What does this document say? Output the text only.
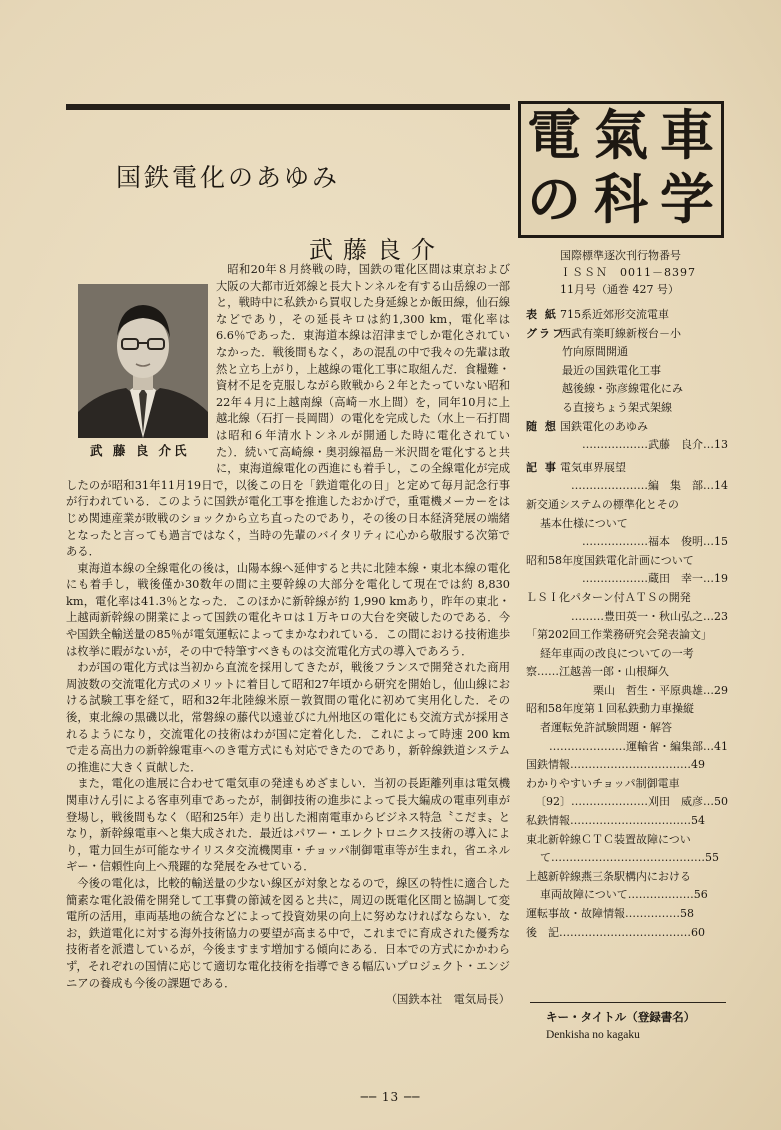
国鉄電化のあゆみ
武藤良介
武 藤 良 介氏

昭和20年８月終戦の時，国鉄の電化区間は東京および大阪の大都市近郊線と長大トンネルを有する山岳線の一部と，戦時中に私鉄から買収した身延線とか飯田線，仙石線などであり，その延長キロは約1,300 km，電化率は6.6％であった．東海道本線は沼津までしか電化されていなかった．戦後間もなく，あの混乱の中で我々の先輩は敢然と立ち上がり，上越線の電化工事に取組んだ．食糧難・資材不足を克服しながら敗戦から２年とたっていない昭和22年４月に上越南線（高崎－水上間）を，同年10月に上越北線（石打－長岡間）の電化を完成した（水上－石打間は昭和６年清水トンネルが開通した時に電化されていた）．続いて高崎線・奥羽線福島－米沢間を電化すると共に，東海道線電化の西進にも着手し，この全線電化が完成したのが昭和31年11月19日で，以後この日を「鉄道電化の日」と定めて毎月記念行事が行われている．このように国鉄が電化工事を推進したおかげで，重電機メーカーをはじめ関連産業が敗戦のショックから立ち直ったのであり，その後の日本経済発展の端緒となったと言っても過言ではなく，当時の先輩のバイタリティに心から敬服する次第である．

東海道本線の全線電化の後は，山陽本線へ延伸すると共に北陸本線・東北本線の電化にも着手し，戦後僅か30数年の間に主要幹線の大部分を電化して現在では約 8,830 km，電化率は41.3％となった．このほかに新幹線が約 1,990 kmあり，昨年の東北・上越両新幹線の開業によって国鉄の電化キロは１万キロの大台を突破したのである．今や国鉄全輸送量の85％が電気運転によってまかなわれている．この間における技術進歩は枚挙に暇がないが，その中で特筆すべきものは交流電化方式の導入であろう．

わが国の電化方式は当初から直流を採用してきたが，戦後フランスで開発された商用周波数の交流電化方式のメリットに着目して昭和27年頃から研究を開始し，仙山線における試験工事を経て，昭和32年北陸線米原－敦賀間の電化に初めて実用化した．その後，東北線の黒磯以北，常磐線の藤代以遠並びに九州地区の電化にも交流方式が採用されるようになり，交流電化の技術はわが国に定着化した．これによって時速 200 km で走る高出力の新幹線電車へのき電方式にも対応できたのであり，新幹線鉄道システムの推進に大きく貢献した．

また，電化の進展に合わせて電気車の発達もめざましい．当初の長距離列車は電気機関車けん引による客車列車であったが，制御技術の進歩によって長大編成の電車列車が登場し，戦後間もなく（昭和25年）走り出した湘南電車からビジネス特急〝こだま〟となり，新幹線電車へと集大成された．最近はパワー・エレクトロニクス技術の導入により，電力回生が可能なサイリスタ交流機関車・チョッパ制御電車等が生まれ，省エネルギー・信頼性向上へ飛躍的な発展をみせている．

今後の電化は，比較的輸送量の少ない線区が対象となるので，線区の特性に適合した簡素な電化設備を開発して工事費の節減を図ると共に，周辺の既電化区間と協調して変電所の活用，車両基地の統合などによって投資効果の向上に努めなければならない．なお，鉄道電化に対する海外技術協力の要望が高まる中で，これまでに育成された優秀な技術者を派遣しているが，今後ますます増加する傾向にある．日本での方式にかかわらず，それぞれの国情に応じて適切な電化技術を指導できる幅広いプロジェクト・エンジニアの養成も今後の課題である．

（国鉄本社　電気局長）

電 氣 車
の 科 学
国際標準逐次刊行物番号
ＩＳＳＮ　0011－8397
11月号（通巻 427 号）
表 紙 715系近郊形交流電車
グラフ西武有楽町線新桜台－小
竹向原間開通
最近の国鉄電化工事
越後線・弥彦線電化にみ
る直接ちょう架式架線
随 想 国鉄電化のあゆみ
………………武藤　良介…13
記 事 電気車界展望
…………………編　集　部…14
新交通システムの標準化とその
基本仕様について
………………福本　俊明…15
昭和58年度国鉄電化計画について
………………蔵田　幸一…19
ＬＳＩ化パターン付ＡＴＳの開発
………豊田英一・秋山弘之…23
「第202回工作業務研究会発表論文」
経年車両の改良についての一考
察……江越善一郎・山根輝久
栗山　哲生・平原典雄…29
昭和58年度第１回私鉄動力車操縦
者運転免許試験問題・解答
…………………運輸省・編集部…41
国鉄情報……………………………49
わかりやすいチョッパ制御電車
〔92〕…………………刈田　威彦…50
私鉄情報……………………………54
東北新幹線ＣＴＣ装置故障につい
て……………………………………55
上越新幹線燕三条駅構内における
車両故障について………………56
運転事故・故障情報……………58
後　記………………………………60
キー・タイトル（登録書名）
Denkisha no kagaku
── 13 ──
